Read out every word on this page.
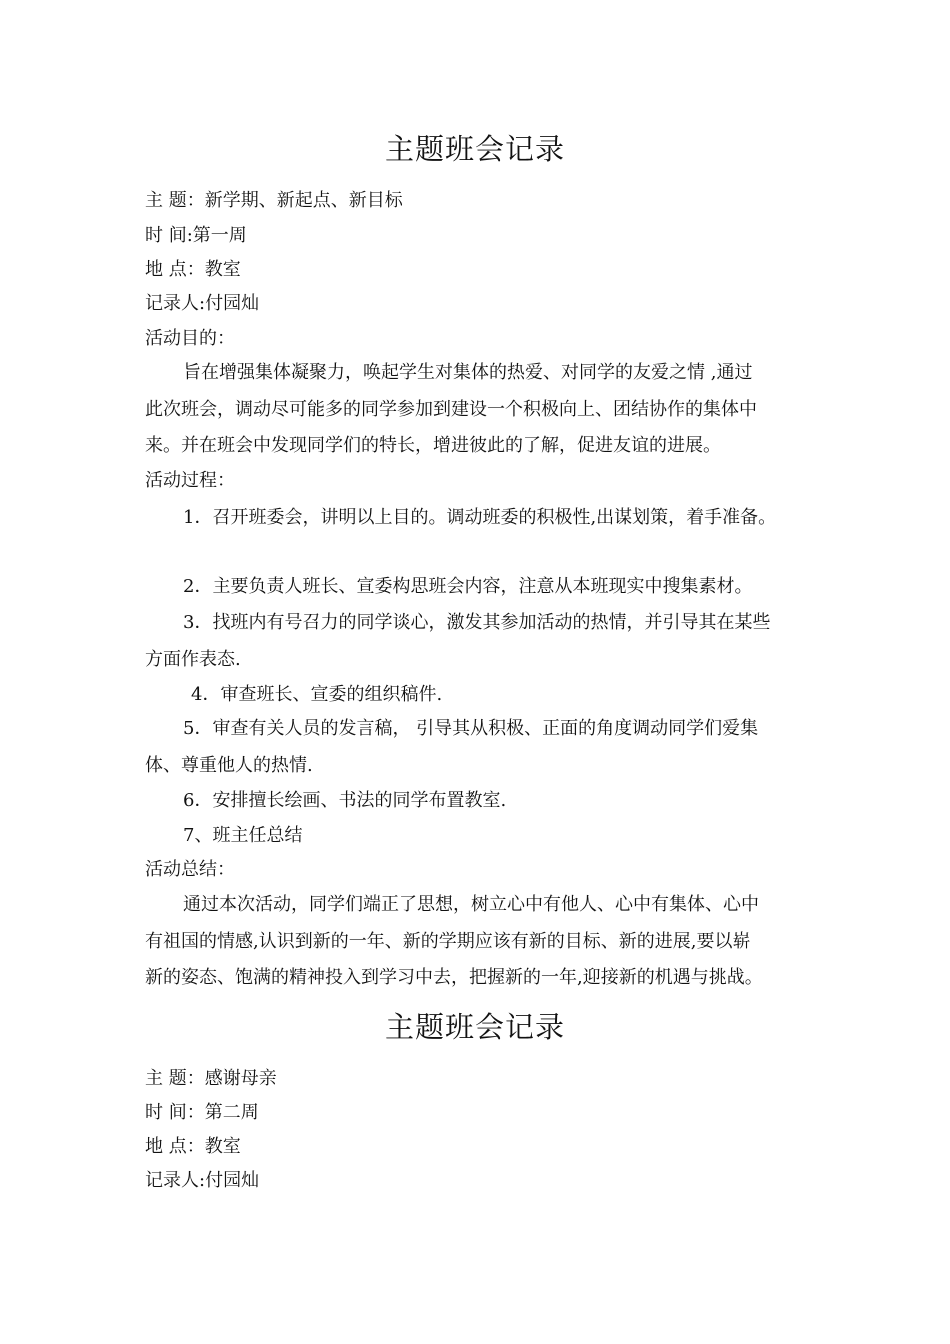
主题班会记录
主 题：新学期、新起点、新目标
时 间:第一周
地 点：教室
记录人:付园灿
活动目的：
旨在增强集体凝聚力，唤起学生对集体的热爱、对同学的友爱之情 ,通过
此次班会，调动尽可能多的同学参加到建设一个积极向上、团结协作的集体中
来。并在班会中发现同学们的特长，增进彼此的了解，促进友谊的进展。
活动过程：
1．召开班委会，讲明以上目的。调动班委的积极性,出谋划策，着手准备。
2．主要负责人班长、宣委构思班会内容，注意从本班现实中搜集素材。
3．找班内有号召力的同学谈心，激发其参加活动的热情，并引导其在某些
方面作表态.
4．审查班长、宣委的组织稿件.
5．审查有关人员的发言稿， 引导其从积极、正面的角度调动同学们爱集
体、尊重他人的热情.
6．安排擅长绘画、书法的同学布置教室.
7、班主任总结
活动总结：
通过本次活动，同学们端正了思想，树立心中有他人、心中有集体、心中
有祖国的情感,认识到新的一年、新的学期应该有新的目标、新的进展,要以崭
新的姿态、饱满的精神投入到学习中去，把握新的一年,迎接新的机遇与挑战。
主题班会记录
主 题：感谢母亲
时 间：第二周
地 点：教室
记录人:付园灿
